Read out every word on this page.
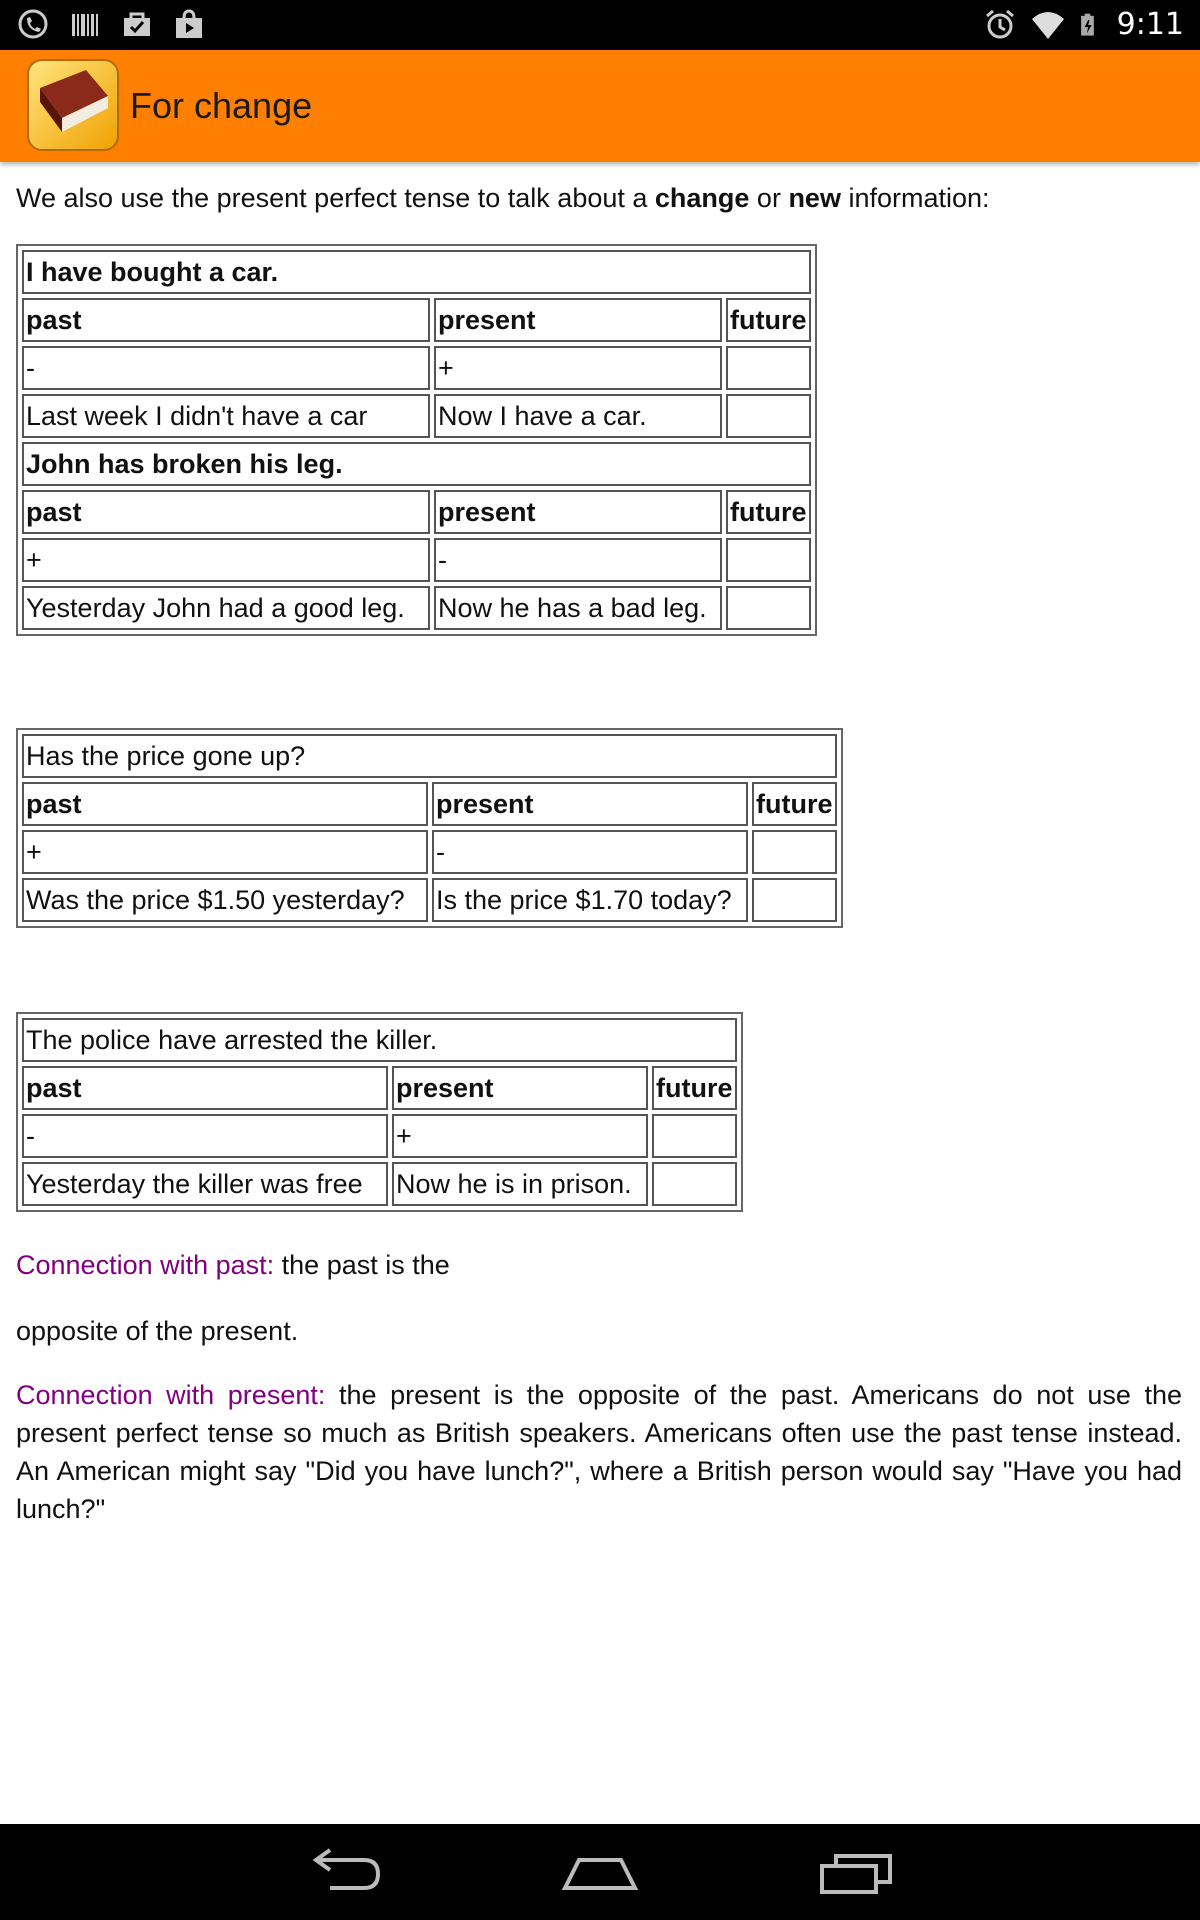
9:11
For change

We also use the present perfect tense to talk about a change or new information:

I have bought a car.		
past	present	future
-	+	
Last week I didn't have a car	Now I have a car.	
John has broken his leg.		
past	present	future
+	-	
Yesterday John had a good leg.	Now he has a bad leg.	
Has the price gone up?		
past	present	future
+	-	
Was the price $1.50 yesterday?	Is the price $1.70 today?	
The police have arrested the killer.		
past	present	future
-	+	
Yesterday the killer was free	Now he is in prison.	

Connection with past: the past is the

opposite of the present.

Connection with present: the present is the opposite of the past. Americans do not use the present perfect tense so much as British speakers. Americans often use the past tense instead. An American might say "Did you have lunch?", where a British person would say "Have you had lunch?"
